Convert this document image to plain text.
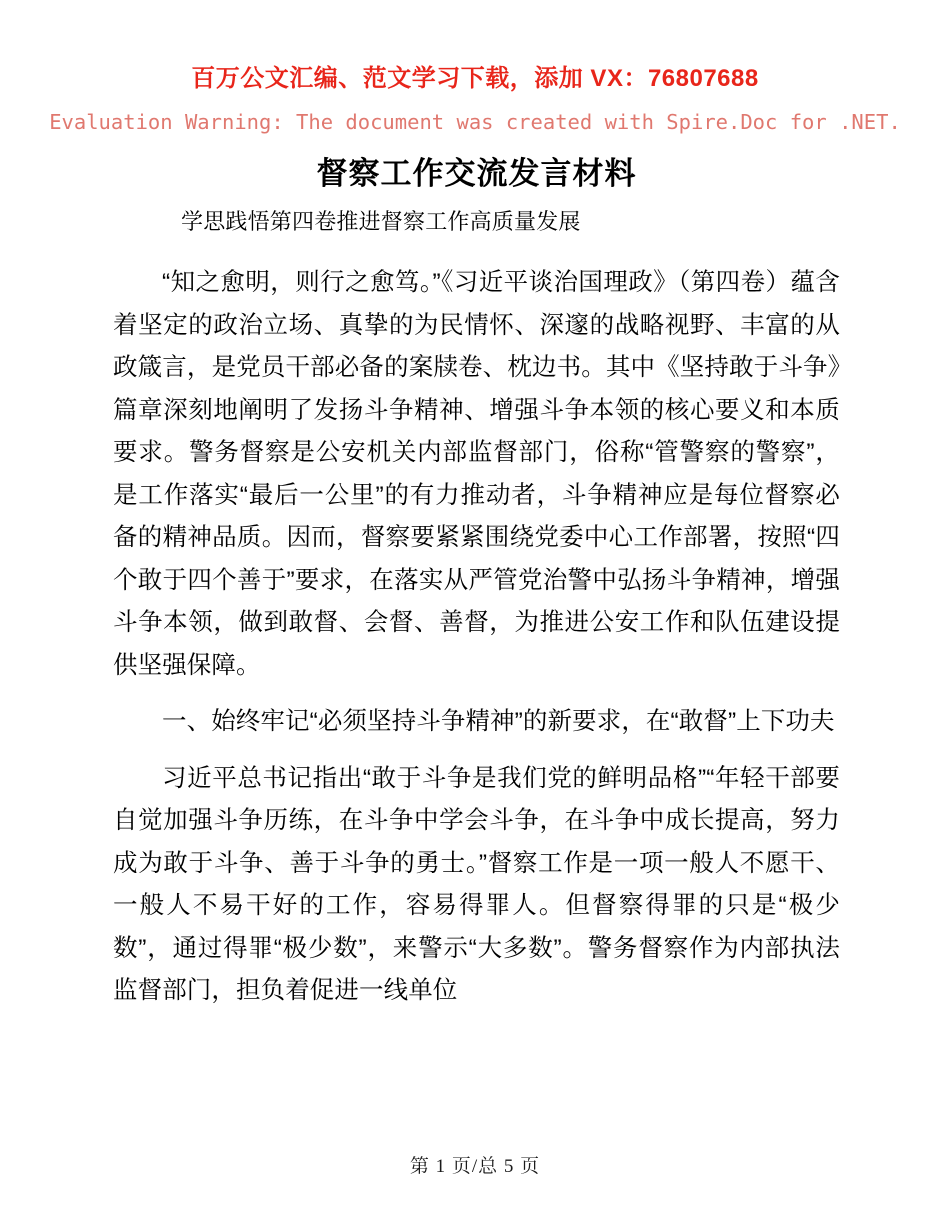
百万公文汇编、范文学习下载，添加 VX：76807688
Evaluation Warning: The document was created with Spire.Doc for .NET.
督察工作交流发言材料
学思践悟第四卷推进督察工作高质量发展

“知之愈明，则行之愈笃。”《习近平谈治国理政》（第四卷）蕴含着坚定的政治立场、真挚的为民情怀、深邃的战略视野、丰富的从政箴言，是党员干部必备的案牍卷、枕边书。其中《坚持敢于斗争》篇章深刻地阐明了发扬斗争精神、增强斗争本领的核心要义和本质要求。警务督察是公安机关内部监督部门，俗称“管警察的警察”，是工作落实“最后一公里”的有力推动者，斗争精神应是每位督察必备的精神品质。因而，督察要紧紧围绕党委中心工作部署，按照“四个敢于四个善于”要求，在落实从严管党治警中弘扬斗争精神，增强斗争本领，做到敢督、会督、善督，为推进公安工作和队伍建设提供坚强保障。

一、始终牢记“必须坚持斗争精神”的新要求，在“敢督”上下功夫

习近平总书记指出“敢于斗争是我们党的鲜明品格”“年轻干部要自觉加强斗争历练，在斗争中学会斗争，在斗争中成长提高，努力成为敢于斗争、善于斗争的勇士。”督察工作是一项一般人不愿干、一般人不易干好的工作，容易得罪人。但督察得罪的只是“极少数”，通过得罪“极少数”，来警示“大多数”。警务督察作为内部执法监督部门，担负着促进一线单位

第 1 页/总 5 页
